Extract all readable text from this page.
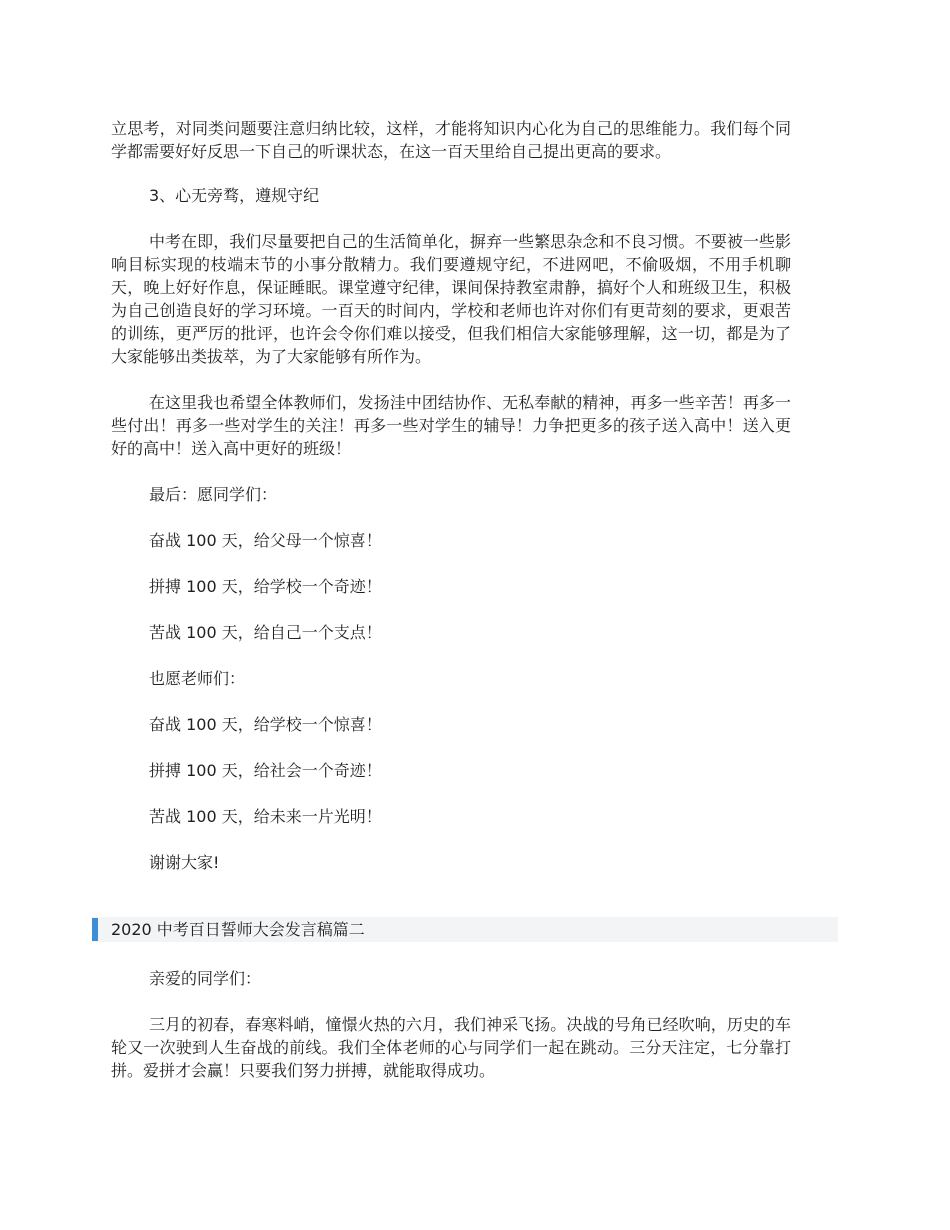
立思考，对同类问题要注意归纳比较，这样，才能将知识内心化为自己的思维能力。我们每个同学都需要好好反思一下自己的听课状态，在这一百天里给自己提出更高的要求。

3、心无旁骛，遵规守纪

中考在即，我们尽量要把自己的生活简单化，摒弃一些繁思杂念和不良习惯。不要被一些影响目标实现的枝端末节的小事分散精力。我们要遵规守纪，不进网吧，不偷吸烟，不用手机聊天，晚上好好作息，保证睡眠。课堂遵守纪律，课间保持教室肃静，搞好个人和班级卫生，积极为自己创造良好的学习环境。一百天的时间内，学校和老师也许对你们有更苛刻的要求，更艰苦的训练，更严厉的批评，也许会令你们难以接受，但我们相信大家能够理解，这一切，都是为了大家能够出类拔萃，为了大家能够有所作为。

在这里我也希望全体教师们，发扬洼中团结协作、无私奉献的精神，再多一些辛苦！再多一些付出！再多一些对学生的关注！再多一些对学生的辅导！力争把更多的孩子送入高中！送入更好的高中！送入高中更好的班级！

最后：愿同学们：

奋战 100 天，给父母一个惊喜！

拼搏 100 天，给学校一个奇迹！

苦战 100 天，给自己一个支点！

也愿老师们：

奋战 100 天，给学校一个惊喜！

拼搏 100 天，给社会一个奇迹！

苦战 100 天，给未来一片光明！

谢谢大家!

2020 中考百日誓师大会发言稿篇二

亲爱的同学们：

三月的初春，春寒料峭，憧憬火热的六月，我们神采飞扬。决战的号角已经吹响，历史的车轮又一次驶到人生奋战的前线。我们全体老师的心与同学们一起在跳动。三分天注定，七分靠打拼。爱拼才会赢！只要我们努力拼搏，就能取得成功。
